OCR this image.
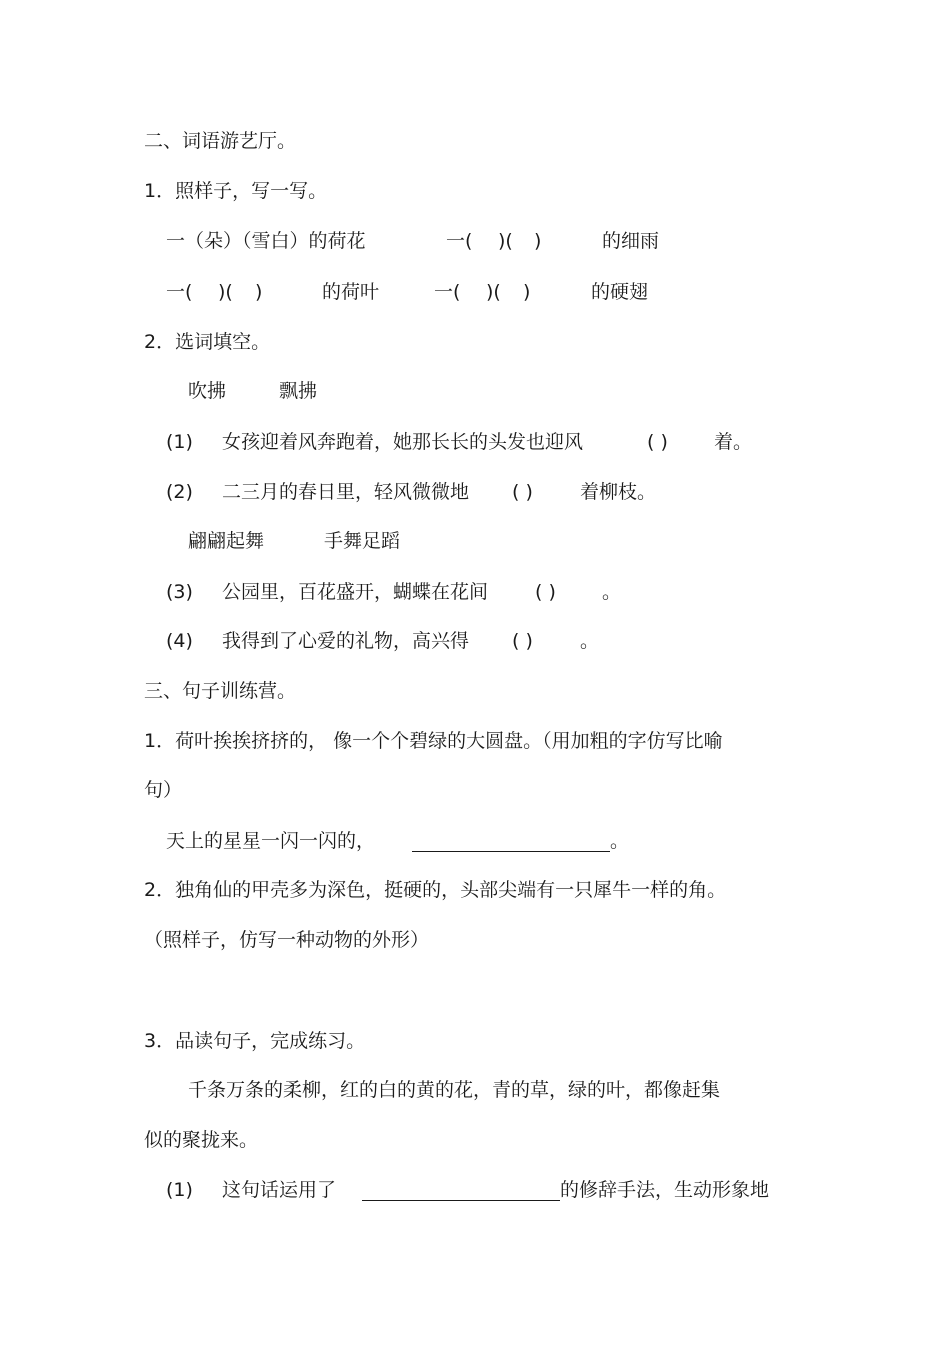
二、词语游艺厅。
1．照样子，写一写。
一（朵）（雪白）的荷花	一( )( )	的细雨
一( )( )	的荷叶	一( )( )	的硬翅
2．选词填空。
吹拂	飘拂
(1) 女孩迎着风奔跑着，她那长长的头发也迎风	( ) 着。
(2) 二三月的春日里，轻风微微地 ( ) 着柳枝。
翩翩起舞	手舞足蹈
(3) 公园里，百花盛开，蝴蝶在花间 ( ) 。
(4) 我得到了心爱的礼物，高兴得 ( ) 。
三、句子训练营。
1．荷叶挨挨挤挤的， 像一个个碧绿的大圆盘。（用加粗的字仿写比喻
句）
天上的星星一闪一闪的，	。
2．独角仙的甲壳多为深色，挺硬的，头部尖端有一只犀牛一样的角。
（照样子，仿写一种动物的外形）
3．品读句子，完成练习。
千条万条的柔柳，红的白的黄的花，青的草，绿的叶，都像赶集
似的聚拢来。
(1) 这句话运用了	的修辞手法，生动形象地
